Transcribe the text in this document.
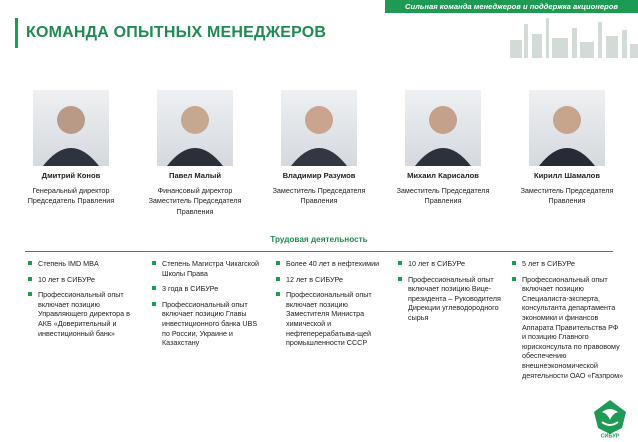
Сильная команда менеджеров и поддержка акционеров
КОМАНДА ОПЫТНЫХ МЕНЕДЖЕРОВ
Дмитрий Конов
Генеральный директор Председатель Правления
Павел Малый
Финансовый директор Заместитель Председателя Правления
Владимир Разумов
Заместитель Председателя Правления
Михаил Карисалов
Заместитель Председателя Правления
Кирилл Шамалов
Заместитель Председателя Правления
Трудовая деятельность
Степень IMD MBA
10 лет в СИБУРе
Профессиональный опыт включает позицию Управляющего директора в АКБ «Доверительный и инвестиционный банк»
Степень Магистра Чикагской Школы Права
3 года в СИБУРе
Профессиональный опыт включает позицию Главы инвестиционного банка UBS по России, Украине и Казахстану
Более 40 лет в нефтехимии
12 лет в СИБУРе
Профессиональный опыт включает позицию Заместителя Министра химической и нефтеперерабатыва-щей промышленности СССР
10 лет в СИБУРе
Профессиональный опыт включает позицию Вице-президента – Руководителя Дирекции углеводородного сырья
5 лет в СИБУРе
Профессиональный опыт включает позицию Специалиста-эксперта, консультанта департамента экономики и финансов Аппарата Правительства РФ и позицию Главного юрисконсульта по правовому обеспечению внешнеэкономической деятельности ОАО «Газпром»
СИБУР
